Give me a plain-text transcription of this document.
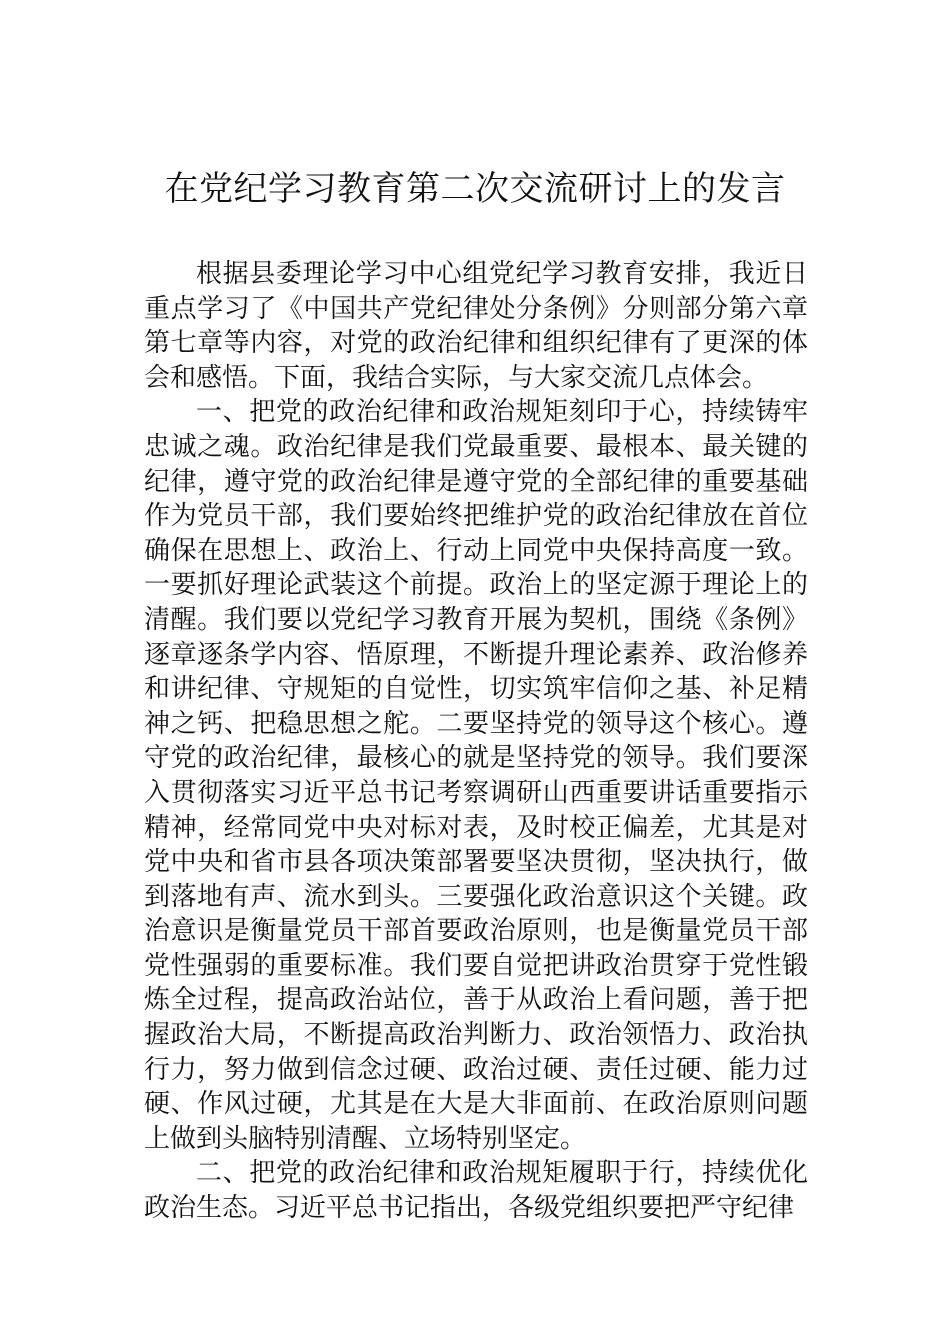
在党纪学习教育第二次交流研讨上的发言

根据县委理论学习中心组党纪学习教育安排，我近日重点学习了《中国共产党纪律处分条例》分则部分第六章第七章等内容，对党的政治纪律和组织纪律有了更深的体会和感悟。下面，我结合实际，与大家交流几点体会。

一、把党的政治纪律和政治规矩刻印于心，持续铸牢忠诚之魂。政治纪律是我们党最重要、最根本、最关键的纪律，遵守党的政治纪律是遵守党的全部纪律的重要基础作为党员干部，我们要始终把维护党的政治纪律放在首位确保在思想上、政治上、行动上同党中央保持高度一致。一要抓好理论武装这个前提。政治上的坚定源于理论上的清醒。我们要以党纪学习教育开展为契机，围绕《条例》逐章逐条学内容、悟原理，不断提升理论素养、政治修养和讲纪律、守规矩的自觉性，切实筑牢信仰之基、补足精神之钙、把稳思想之舵。二要坚持党的领导这个核心。遵守党的政治纪律，最核心的就是坚持党的领导。我们要深入贯彻落实习近平总书记考察调研山西重要讲话重要指示精神，经常同党中央对标对表，及时校正偏差，尤其是对党中央和省市县各项决策部署要坚决贯彻，坚决执行，做到落地有声、流水到头。三要强化政治意识这个关键。政治意识是衡量党员干部首要政治原则，也是衡量党员干部党性强弱的重要标准。我们要自觉把讲政治贯穿于党性锻炼全过程，提高政治站位，善于从政治上看问题，善于把握政治大局，不断提高政治判断力、政治领悟力、政治执行力，努力做到信念过硬、政治过硬、责任过硬、能力过硬、作风过硬，尤其是在大是大非面前、在政治原则问题上做到头脑特别清醒、立场特别坚定。

二、把党的政治纪律和政治规矩履职于行，持续优化政治生态。习近平总书记指出，各级党组织要把严守纪律
